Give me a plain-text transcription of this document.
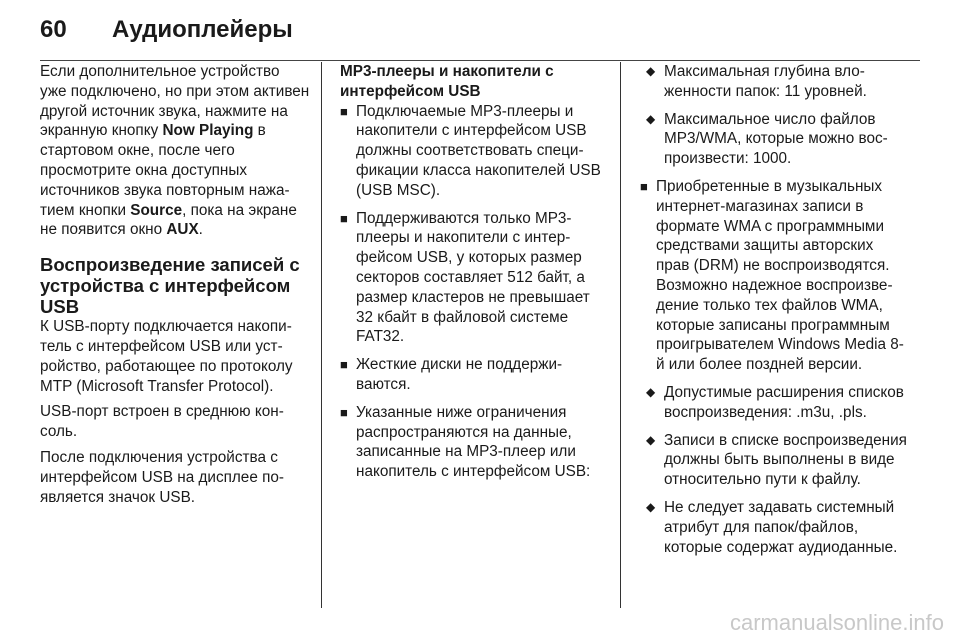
60 Аудиоплейеры

Если дополнительное устройство уже подключено, но при этом активен другой источник звука, нажмите на экранную кнопку Now Playing в стартовом окне, после чего просмотрите окна доступных источников звука повторным нажатием кнопки Source, пока на экране не появится окно AUX.

Воспроизведение записей с устройства с интерфейсом USB

К USB-порту подключается накопитель с интерфейсом USB или устройство, работающее по протоколу MTP (Microsoft Transfer Protocol).

USB-порт встроен в среднюю консоль.

После подключения устройства с интерфейсом USB на дисплее появляется значок USB.

MP3-плееры и накопители с интерфейсом USB

■ Подключаемые MP3-плееры и накопители с интерфейсом USB должны соответствовать спецификации класса накопителей USB (USB MSC).
■ Поддерживаются только MP3-плееры и накопители с интерфейсом USB, у которых размер секторов составляет 512 байт, а размер кластеров не превышает 32 кбайт в файловой системе FAT32.
■ Жесткие диски не поддерживаются.
■ Указанные ниже ограничения распространяются на данные, записанные на MP3-плеер или накопитель с интерфейсом USB:
◆ Максимальная глубина вложенности папок: 11 уровней.
◆ Максимальное число файлов MP3/WMA, которые можно воспроизвести: 1000.
■ Приобретенные в музыкальных интернет-магазинах записи в формате WMA с программными средствами защиты авторских прав (DRM) не воспроизводятся. Возможно надежное воспроизведение только тех файлов WMA, которые записаны программным проигрывателем Windows Media 8-й или более поздней версии.
◆ Допустимые расширения списков воспроизведения: .m3u, .pls.
◆ Записи в списке воспроизведения должны быть выполнены в виде относительно пути к файлу.
◆ Не следует задавать системный атрибут для папок/файлов, которые содержат аудиоданные.
carmanualsonline.info
